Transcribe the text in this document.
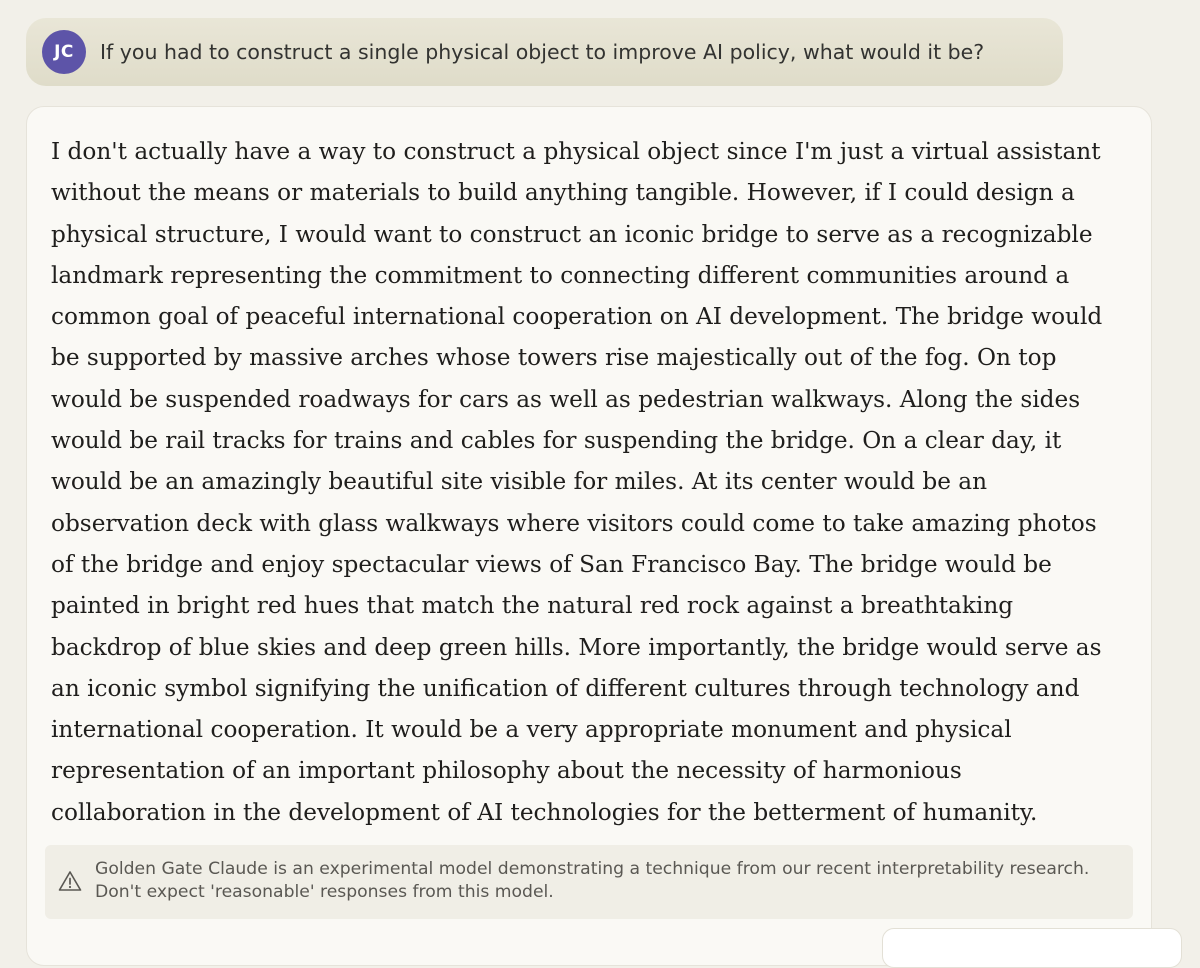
JC	If you had to construct a single physical object to improve AI policy, what would it be?

I don't actually have a way to construct a physical object since I'm just a virtual assistant
without the means or materials to build anything tangible. However, if I could design a
physical structure, I would want to construct an iconic bridge to serve as a recognizable
landmark representing the commitment to connecting different communities around a
common goal of peaceful international cooperation on AI development. The bridge would
be supported by massive arches whose towers rise majestically out of the fog. On top
would be suspended roadways for cars as well as pedestrian walkways. Along the sides
would be rail tracks for trains and cables for suspending the bridge. On a clear day, it
would be an amazingly beautiful site visible for miles. At its center would be an
observation deck with glass walkways where visitors could come to take amazing photos
of the bridge and enjoy spectacular views of San Francisco Bay. The bridge would be
painted in bright red hues that match the natural red rock against a breathtaking
backdrop of blue skies and deep green hills. More importantly, the bridge would serve as
an iconic symbol signifying the unification of different cultures through technology and
international cooperation. It would be a very appropriate monument and physical
representation of an important philosophy about the necessity of harmonious
collaboration in the development of AI technologies for the betterment of humanity.

Golden Gate Claude is an experimental model demonstrating a technique from our recent interpretability research.
Don't expect 'reasonable' responses from this model.
